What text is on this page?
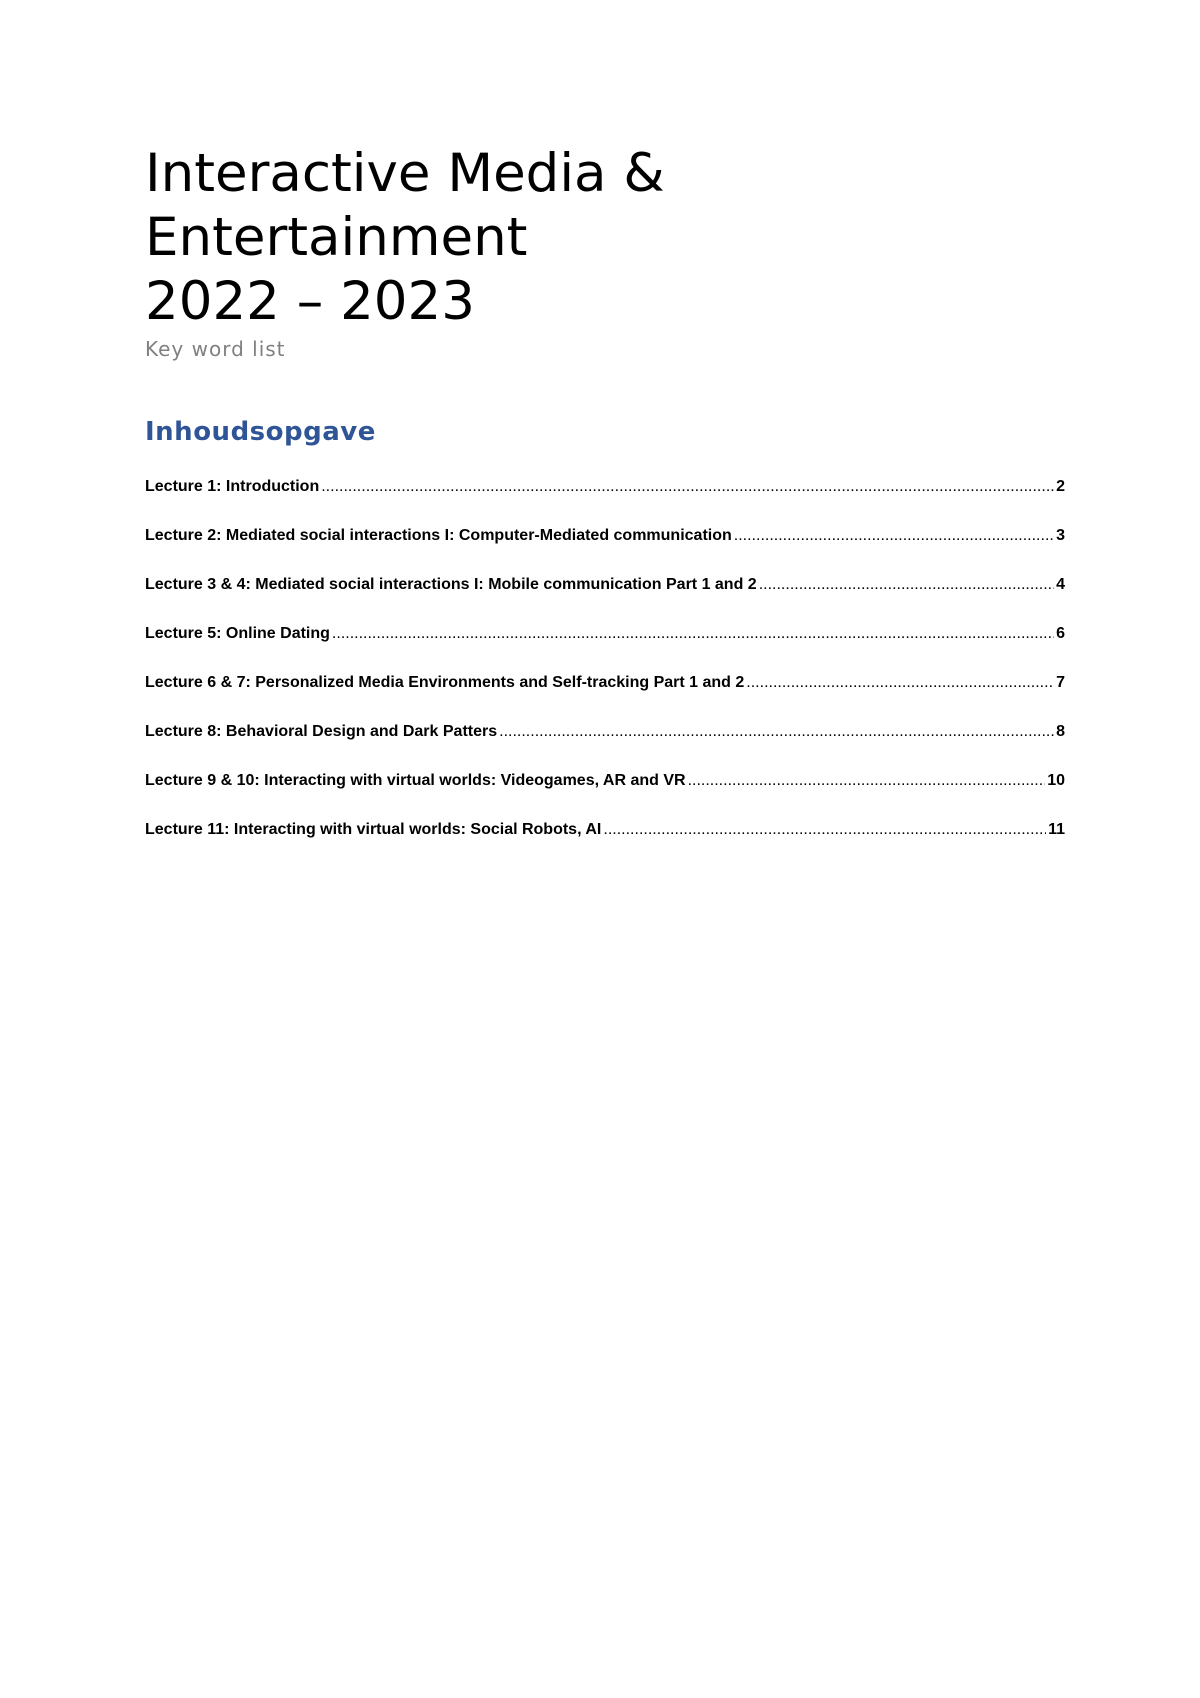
Interactive Media &
Entertainment
2022 – 2023
Key word list
Inhoudsopgave
Lecture 1: Introduction .....	2
Lecture 2: Mediated social interactions I: Computer-Mediated communication .....	3
Lecture 3 & 4: Mediated social interactions I: Mobile communication Part 1 and 2 .....	4
Lecture 5: Online Dating .....	6
Lecture 6 & 7: Personalized Media Environments and Self-tracking Part 1 and 2 .....	7
Lecture 8: Behavioral Design and Dark Patters .....	8
Lecture 9 & 10: Interacting with virtual worlds: Videogames, AR and VR .....	10
Lecture 11: Interacting with virtual worlds: Social Robots, AI .....	11
